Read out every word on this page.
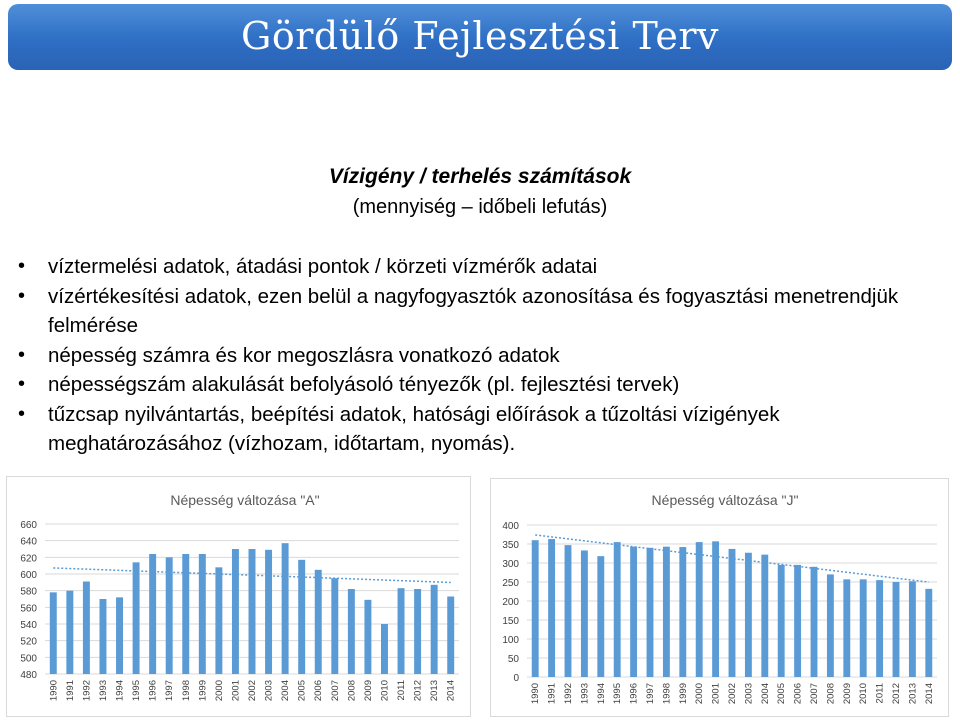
Gördülő Fejlesztési Terv
Vízigény / terhelés számítások
(mennyiség – időbeli lefutás)
• víztermelési adatok, átadási pontok / körzeti vízmérők adatai
• vízértékesítési adatok, ezen belül a nagyfogyasztók azonosítása és fogyasztási menetrendjük felmérése
• népesség számra és kor megoszlásra vonatkozó adatok
• népességszám alakulását befolyásoló tényezők (pl. fejlesztési tervek)
• tűzcsap nyilvántartás, beépítési adatok, hatósági előírások a tűzoltási vízigények meghatározásához (vízhozam, időtartam, nyomás).
Népesség változása "A"
480
500
520
540
560
580
600
620
640
660
1990 1991 1992 1993 1994 1995 1996 1997 1998 1999 2000 2001 2002 2003 2004 2005 2006 2007 2008 2009 2010 2011 2012 2013 2014
Népesség változása "J"
0
50
100
150
200
250
300
350
400
1990 1991 1992 1993 1994 1995 1996 1997 1998 1999 2000 2001 2002 2003 2004 2005 2006 2007 2008 2009 2010 2011 2012 2013 2014
